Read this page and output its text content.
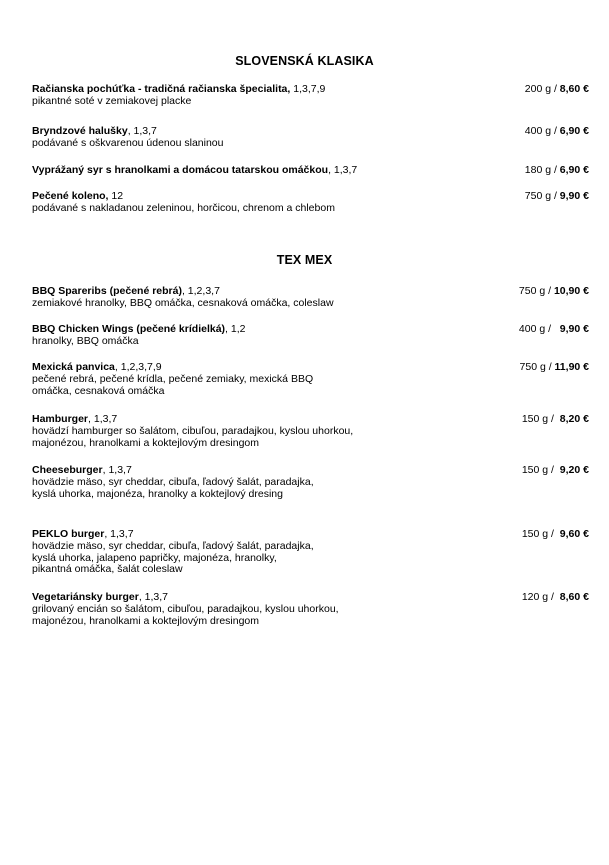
SLOVENSKÁ KLASIKA
Račianska pochúťka - tradičná račianska špecialita, 1,3,7,9
pikantné soté v zemiakovej placke
200 g / 8,60 €
Bryndzové halušky, 1,3,7
podávané s oškvarenou údenou slaninou
400 g / 6,90 €
Vyprážaný syr s hranolkami a domácou tatarskou omáčkou, 1,3,7	180 g / 6,90 €
Pečené koleno, 12
podávané s nakladanou zeleninou, horčicou, chrenom a chlebom
750 g / 9,90 €
TEX MEX
BBQ Spareribs (pečené rebrá), 1,2,3,7
zemiakové hranolky, BBQ omáčka, cesnaková omáčka, coleslaw
750 g / 10,90 €
BBQ Chicken Wings (pečené krídielká), 1,2
hranolky, BBQ omáčka
400 g /   9,90 €
Mexická panvica, 1,2,3,7,9
pečené rebrá, pečené krídla, pečené zemiaky, mexická BBQ
omáčka, cesnaková omáčka
750 g / 11,90 €
Hamburger, 1,3,7
hovädzí hamburger so šalátom, cibuľou, paradajkou, kyslou uhorkou,
majonézou, hranolkami a koktejlovým dresingom
150 g /  8,20 €
Cheeseburger, 1,3,7
hovädzie mäso, syr cheddar, cibuľa, ľadový šalát, paradajka,
kyslá uhorka, majonéza, hranolky a koktejlový dresing
150 g /  9,20 €
PEKLO burger, 1,3,7
hovädzie mäso, syr cheddar, cibuľa, ľadový šalát, paradajka,
kyslá uhorka, jalapeno papričky, majonéza, hranolky,
pikantná omáčka, šalát coleslaw
150 g /  9,60 €
Vegetariánsky burger, 1,3,7
grilovaný encián so šalátom, cibuľou, paradajkou, kyslou uhorkou,
majonézou, hranolkami a koktejlovým dresingom
120 g /  8,60 €
